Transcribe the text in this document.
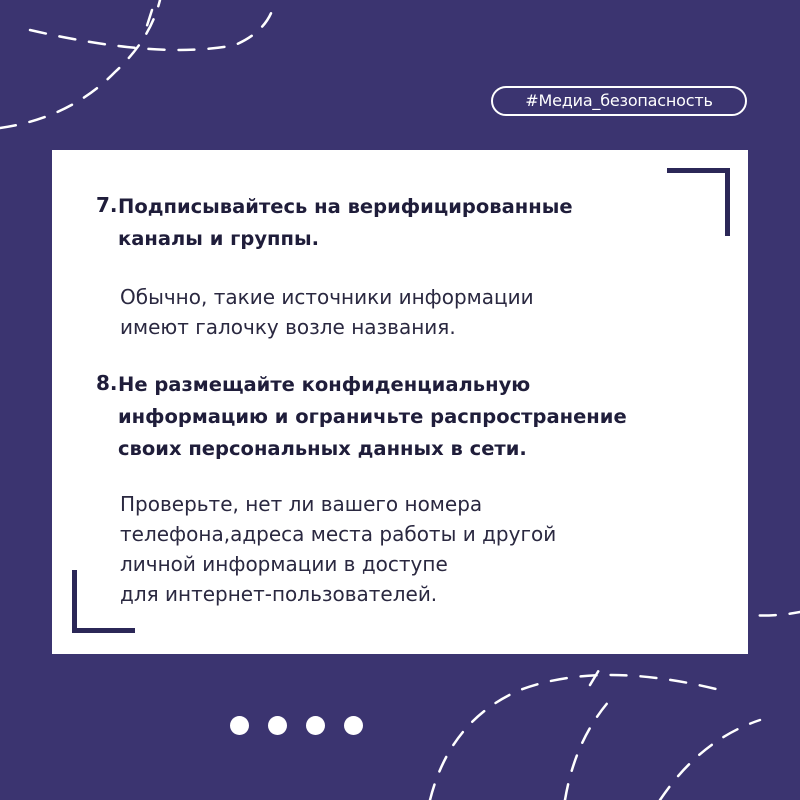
#Медиа_безопасность
7. Подписывайтесь на верифицированные
каналы и группы.
Обычно, такие источники информации
имеют галочку возле названия.
8. Не размещайте конфиденциальную
информацию и ограничьте распространение
своих персональных данных в сети.
Проверьте, нет ли вашего номера
телефона,адреса места работы и другой
личной информации в доступе
для интернет-пользователей.
